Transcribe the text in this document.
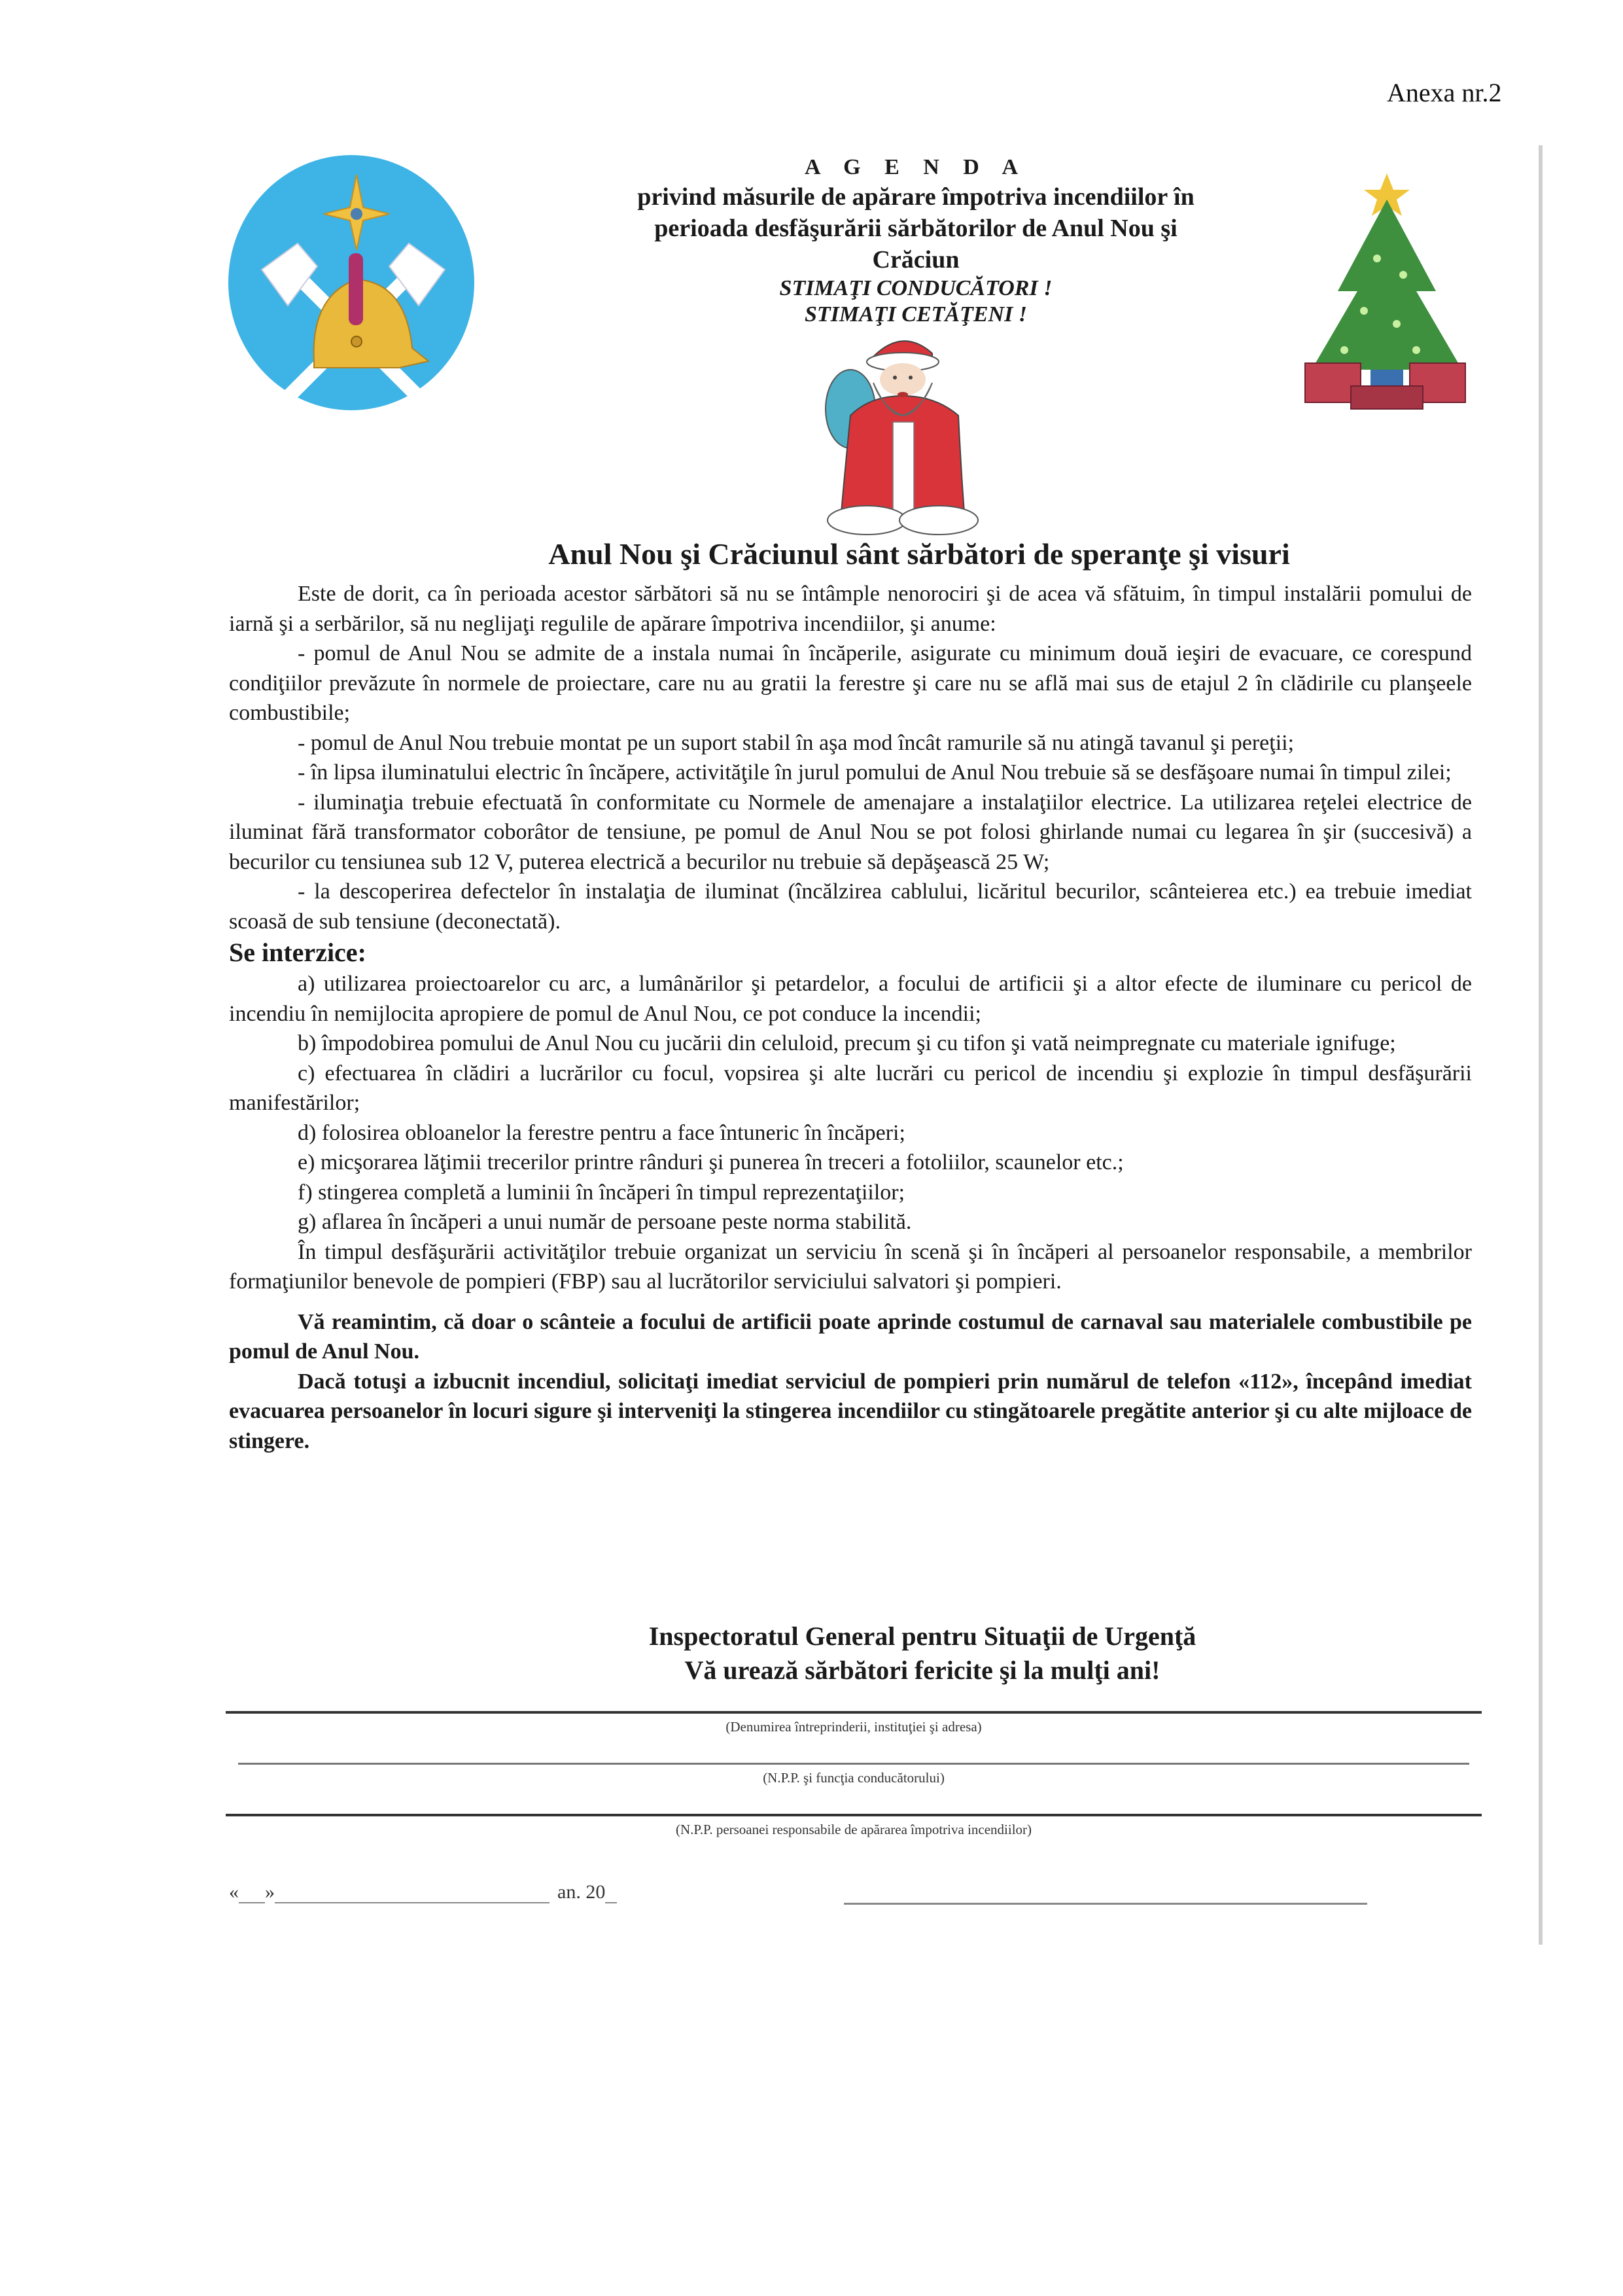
Anexa nr.2
A G E N D A
privind măsurile de apărare împotriva incendiilor în
perioada desfăşurării sărbătorilor de Anul Nou şi
Crăciun
STIMAŢI CONDUCĂTORI !
STIMAŢI CETĂŢENI !
Anul Nou şi Crăciunul sânt sărbători de speranţe şi visuri

Este de dorit, ca în perioada acestor sărbători să nu se întâmple nenorociri şi de acea vă sfătuim, în timpul instalării pomului de iarnă şi a serbărilor, să nu neglijaţi regulile de apărare împotriva incendiilor, şi anume:

- pomul de Anul Nou se admite de a instala numai în încăperile, asigurate cu minimum două ieşiri de evacuare, ce corespund condiţiilor prevăzute în normele de proiectare, care nu au gratii la ferestre şi care nu se află mai sus de etajul 2 în clădirile cu planşeele combustibile;

- pomul de Anul Nou trebuie montat pe un suport stabil în aşa mod încât ramurile să nu atingă tavanul şi pereţii;

- în lipsa iluminatului electric în încăpere, activităţile în jurul pomului de Anul Nou trebuie să se desfăşoare numai în timpul zilei;

- iluminaţia trebuie efectuată în conformitate cu Normele de amenajare a instalaţiilor electrice. La utilizarea reţelei electrice de iluminat fără transformator coborâtor de tensiune, pe pomul de Anul Nou se pot folosi ghirlande numai cu legarea în şir (succesivă) a becurilor cu tensiunea sub 12 V, puterea electrică a becurilor nu trebuie să depăşească 25 W;

- la descoperirea defectelor în instalaţia de iluminat (încălzirea cablului, licăritul becurilor, scânteierea etc.) ea trebuie imediat scoasă de sub tensiune (deconectată).

Se interzice:

a) utilizarea proiectoarelor cu arc, a lumânărilor şi petardelor, a focului de artificii şi a altor efecte de iluminare cu pericol de incendiu în nemijlocita apropiere de pomul de Anul Nou, ce pot conduce la incendii;

b) împodobirea pomului de Anul Nou cu jucării din celuloid, precum şi cu tifon şi vată neimpregnate cu materiale ignifuge;

c) efectuarea în clădiri a lucrărilor cu focul, vopsirea şi alte lucrări cu pericol de incendiu şi explozie în timpul desfăşurării manifestărilor;

d) folosirea obloanelor la ferestre pentru a face întuneric în încăperi;

e) micşorarea lăţimii trecerilor printre rânduri şi punerea în treceri a fotoliilor, scaunelor etc.;

f) stingerea completă a luminii în încăperi în timpul reprezentaţiilor;

g) aflarea în încăperi a unui număr de persoane peste norma stabilită.

În timpul desfăşurării activităţilor trebuie organizat un serviciu în scenă şi în încăperi al persoanelor responsabile, a membrilor formaţiunilor benevole de pompieri (FBP) sau al lucrătorilor serviciului salvatori şi pompieri.

Vă reamintim, că doar o scânteie a focului de artificii poate aprinde costumul de carnaval sau materialele combustibile pe pomul de Anul Nou.

Dacă totuşi a izbucnit incendiul, solicitaţi imediat serviciul de pompieri prin numărul de telefon «112», începând imediat evacuarea persoanelor în locuri sigure şi interveniţi la stingerea incendiilor cu stingătoarele pregătite anterior şi cu alte mijloace de stingere.

Inspectoratul General pentru Situaţii de Urgenţă
Vă urează sărbători fericite şi la mulţi ani!
(Denumirea întreprinderii, instituţiei şi adresa)
(N.P.P. şi funcţia conducătorului)
(N.P.P. persoanei responsabile de apărarea împotriva incendiilor)
« »	an. 20
